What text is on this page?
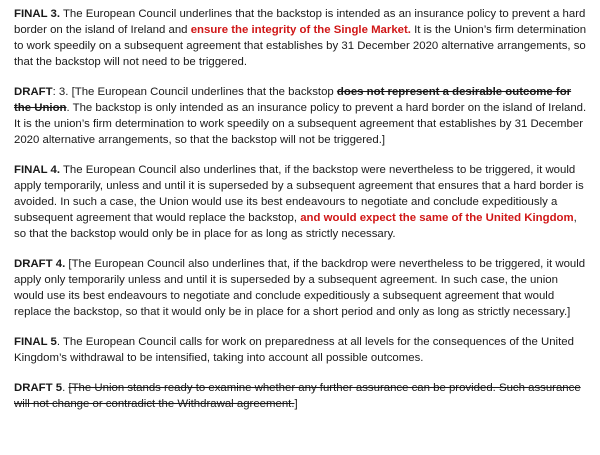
FINAL 3. The European Council underlines that the backstop is intended as an insurance policy to prevent a hard border on the island of Ireland and ensure the integrity of the Single Market. It is the Union’s firm determination to work speedily on a subsequent agreement that establishes by 31 December 2020 alternative arrangements, so that the backstop will not need to be triggered.

DRAFT: 3. [The European Council underlines that the backstop does not represent a desirable outcome for the Union. The backstop is only intended as an insurance policy to prevent a hard border on the island of Ireland. It is the union’s firm determination to work speedily on a subsequent agreement that establishes by 31 December 2020 alternative arrangements, so that the backstop will not be triggered.]

FINAL 4. The European Council also underlines that, if the backstop were nevertheless to be triggered, it would apply temporarily, unless and until it is superseded by a subsequent agreement that ensures that a hard border is avoided. In such a case, the Union would use its best endeavours to negotiate and conclude expeditiously a subsequent agreement that would replace the backstop, and would expect the same of the United Kingdom, so that the backstop would only be in place for as long as strictly necessary.

DRAFT 4. [The European Council also underlines that, if the backdrop were nevertheless to be triggered, it would apply only temporarily unless and until it is superseded by a subsequent agreement. In such case, the union would use its best endeavours to negotiate and conclude expeditiously a subsequent agreement that would replace the backstop, so that it would only be in place for a short period and only as long as strictly necessary.]

FINAL 5. The European Council calls for work on preparedness at all levels for the consequences of the United Kingdom’s withdrawal to be intensified, taking into account all possible outcomes.

DRAFT 5. [The Union stands ready to examine whether any further assurance can be provided. Such assurance will not change or contradict the Withdrawal agreement.]
